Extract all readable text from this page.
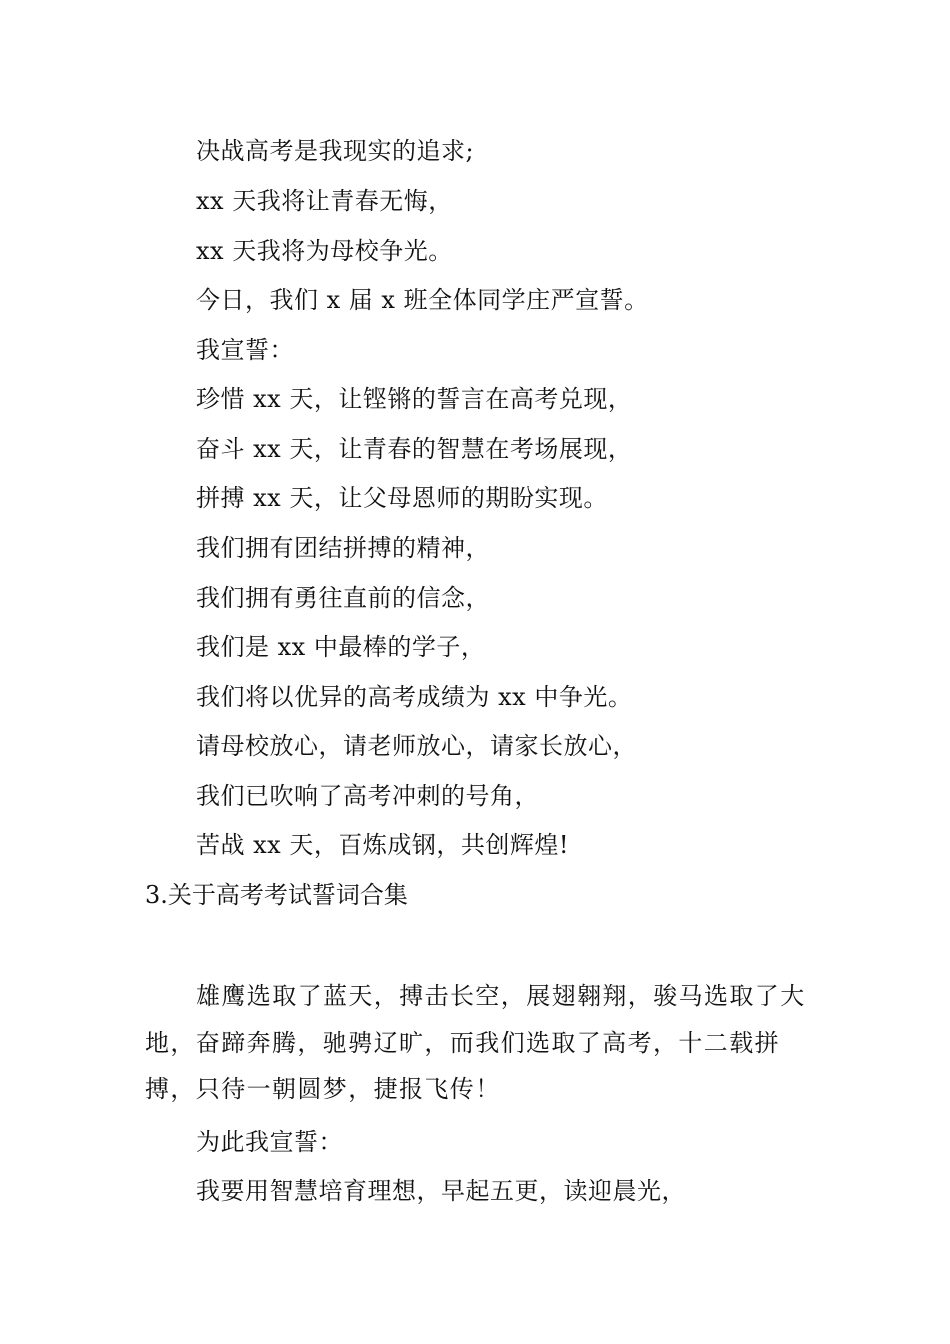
决战高考是我现实的追求;
xx 天我将让青春无悔，
xx 天我将为母校争光。
今日，我们 x 届 x 班全体同学庄严宣誓。
我宣誓：
珍惜 xx 天，让铿锵的誓言在高考兑现，
奋斗 xx 天，让青春的智慧在考场展现，
拼搏 xx 天，让父母恩师的期盼实现。
我们拥有团结拼搏的精神，
我们拥有勇往直前的信念，
我们是 xx 中最棒的学子，
我们将以优异的高考成绩为 xx 中争光。
请母校放心，请老师放心，请家长放心，
我们已吹响了高考冲刺的号角，
苦战 xx 天，百炼成钢，共创辉煌!
3.关于高考考试誓词合集
雄鹰选取了蓝天，搏击长空，展翅翱翔，骏马选取了大地，奋蹄奔腾，驰骋辽旷，而我们选取了高考，十二载拼搏，只待一朝圆梦，捷报飞传！
为此我宣誓：
我要用智慧培育理想，早起五更，读迎晨光，
